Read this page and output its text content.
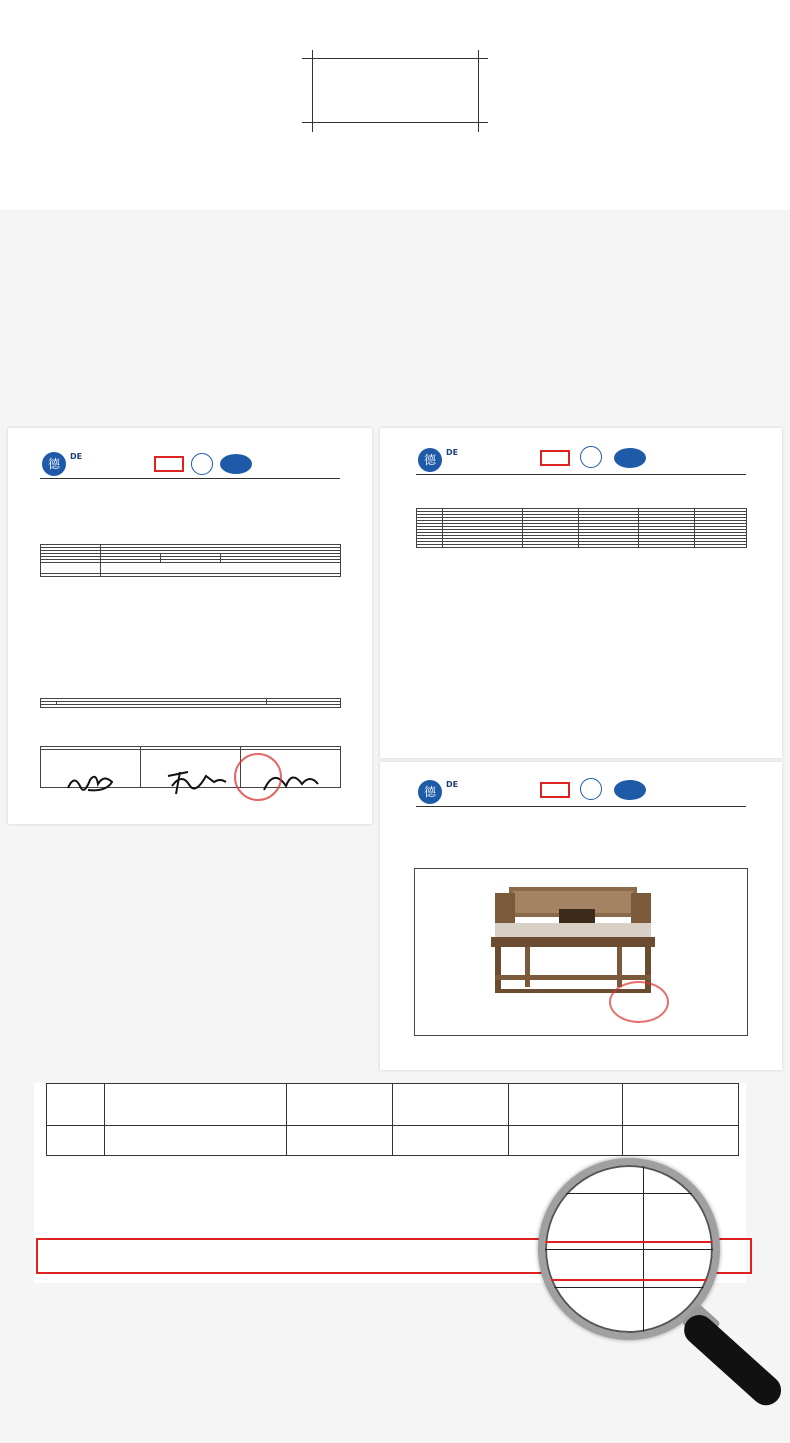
德
DE

			德
DE

德
DE
